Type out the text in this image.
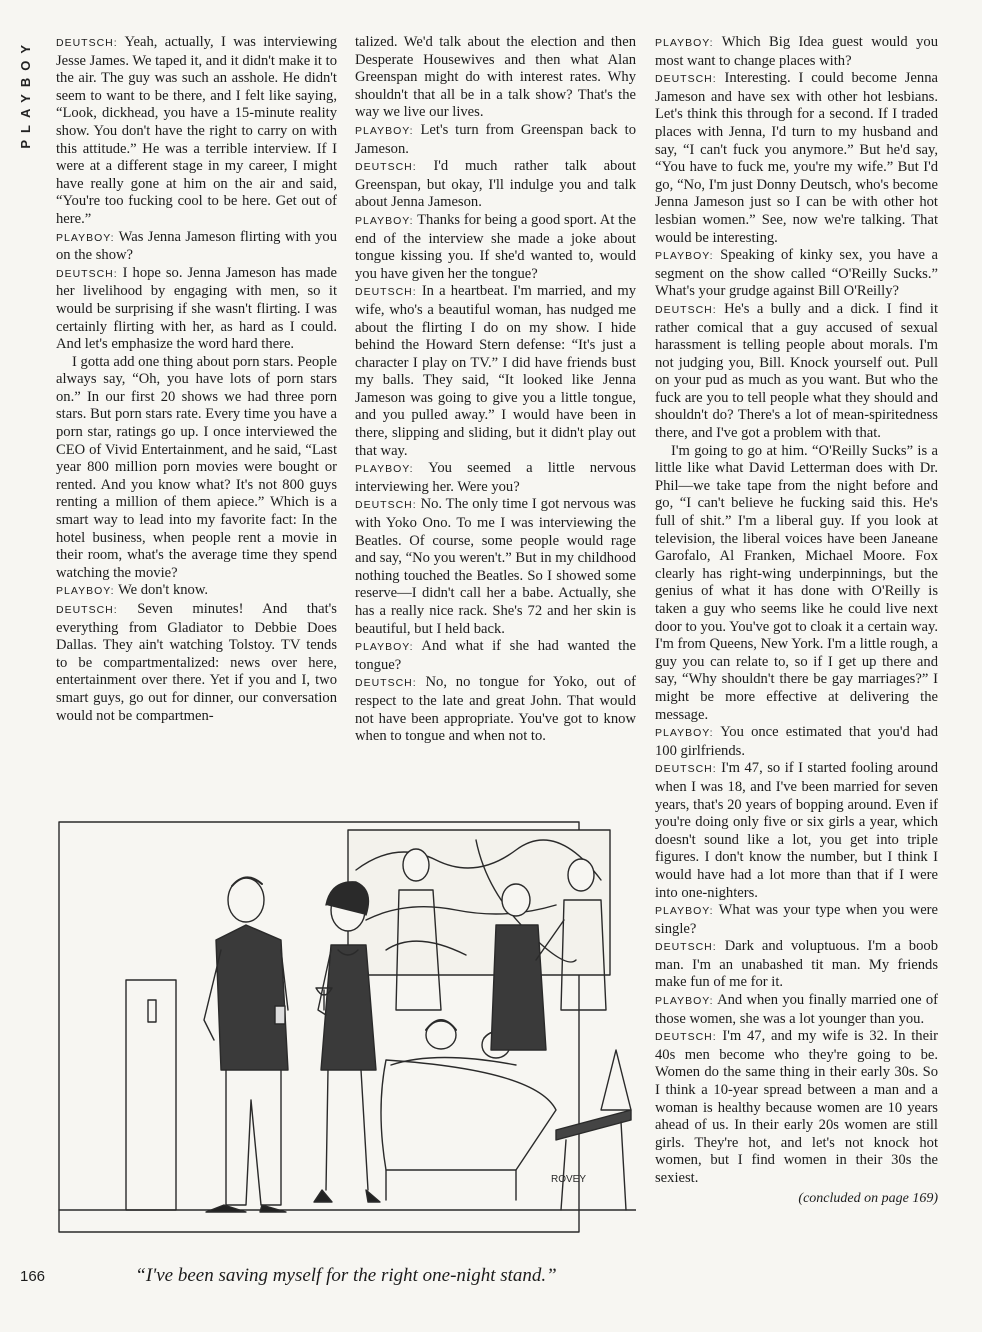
PLAYBOY DEUTSCH: Yeah, actually, I was interviewing Jesse James. We taped it, and it didn't make it to the air. The guy was such an asshole. He didn't seem to want to be there, and I felt like saying, “Look, dickhead, you have a 15-minute reality show. You don't have the right to carry on with this attitude.” He was a terrible interview. If I were at a different stage in my career, I might have really gone at him on the air and said, “You're too fucking cool to be here. Get out of here.”

PLAYBOY: Was Jenna Jameson flirting with you on the show?

DEUTSCH: I hope so. Jenna Jameson has made her livelihood by engaging with men, so it would be surprising if she wasn't flirting. I was certainly flirting with her, as hard as I could. And let's emphasize the word hard there.

I gotta add one thing about porn stars. People always say, “Oh, you have lots of porn stars on.” In our first 20 shows we had three porn stars. But porn stars rate. Every time you have a porn star, ratings go up. I once interviewed the CEO of Vivid Entertainment, and he said, “Last year 800 million porn movies were bought or rented. And you know what? It's not 800 guys renting a million of them apiece.” Which is a smart way to lead into my favorite fact: In the hotel business, when people rent a movie in their room, what's the average time they spend watching the movie?

PLAYBOY: We don't know.

DEUTSCH: Seven minutes! And that's everything from Gladiator to Debbie Does Dallas. They ain't watching Tolstoy. TV tends to be compartmentalized: news over here, entertainment over there. Yet if you and I, two smart guys, go out for dinner, our conversation would not be compartmen-

talized. We'd talk about the election and then Desperate Housewives and then what Alan Greenspan might do with interest rates. Why shouldn't that all be in a talk show? That's the way we live our lives.

PLAYBOY: Let's turn from Greenspan back to Jameson.

DEUTSCH: I'd much rather talk about Greenspan, but okay, I'll indulge you and talk about Jenna Jameson.

PLAYBOY: Thanks for being a good sport. At the end of the interview she made a joke about tongue kissing you. If she'd wanted to, would you have given her the tongue?

DEUTSCH: In a heartbeat. I'm married, and my wife, who's a beautiful woman, has nudged me about the flirting I do on my show. I hide behind the Howard Stern defense: “It's just a character I play on TV.” I did have friends bust my balls. They said, “It looked like Jenna Jameson was going to give you a little tongue, and you pulled away.” I would have been in there, slipping and sliding, but it didn't play out that way.

PLAYBOY: You seemed a little nervous interviewing her. Were you?

DEUTSCH: No. The only time I got nervous was with Yoko Ono. To me I was interviewing the Beatles. Of course, some people would rage and say, “No you weren't.” But in my childhood nothing touched the Beatles. So I showed some reserve—I didn't call her a babe. Actually, she has a really nice rack. She's 72 and her skin is beautiful, but I held back.

PLAYBOY: And what if she had wanted the tongue?

DEUTSCH: No, no tongue for Yoko, out of respect to the late and great John. That would not have been appropriate. You've got to know when to tongue and when not to.

PLAYBOY: Which Big Idea guest would you most want to change places with?

DEUTSCH: Interesting. I could become Jenna Jameson and have sex with other hot lesbians. Let's think this through for a second. If I traded places with Jenna, I'd turn to my husband and say, “I can't fuck you anymore.” But he'd say, “You have to fuck me, you're my wife.” But I'd go, “No, I'm just Donny Deutsch, who's become Jenna Jameson just so I can be with other hot lesbian women.” See, now we're talking. That would be interesting.

PLAYBOY: Speaking of kinky sex, you have a segment on the show called “O'Reilly Sucks.” What's your grudge against Bill O'Reilly?

DEUTSCH: He's a bully and a dick. I find it rather comical that a guy accused of sexual harassment is telling people about morals. I'm not judging you, Bill. Knock yourself out. Pull on your pud as much as you want. But who the fuck are you to tell people what they should and shouldn't do? There's a lot of mean-spiritedness there, and I've got a problem with that.

I'm going to go at him. “O'Reilly Sucks” is a little like what David Letterman does with Dr. Phil—we take tape from the night before and go, “I can't believe he fucking said this. He's full of shit.” I'm a liberal guy. If you look at television, the liberal voices have been Janeane Garofalo, Al Franken, Michael Moore. Fox clearly has right-wing underpinnings, but the genius of what it has done with O'Reilly is taken a guy who seems like he could live next door to you. You've got to cloak it a certain way. I'm from Queens, New York. I'm a little rough, a guy you can relate to, so if I get up there and say, “Why shouldn't there be gay marriages?” I might be more effective at delivering the message.

PLAYBOY: You once estimated that you'd had 100 girlfriends.

DEUTSCH: I'm 47, so if I started fooling around when I was 18, and I've been married for seven years, that's 20 years of bopping around. Even if you're doing only five or six girls a year, which doesn't sound like a lot, you get into triple figures. I don't know the number, but I think I would have had a lot more than that if I were into one-nighters.

PLAYBOY: What was your type when you were single?

DEUTSCH: Dark and voluptuous. I'm a boob man. I'm an unabashed tit man. My friends make fun of me for it.

PLAYBOY: And when you finally married one of those women, she was a lot younger than you.

DEUTSCH: I'm 47, and my wife is 32. In their 40s men become who they're going to be. Women do the same thing in their early 30s. So I think a 10-year spread between a man and a woman is healthy because women are 10 years ahead of us. In their early 20s women are still girls. They're hot, and let's not knock hot women, but I find women in their 30s the sexiest.

(concluded on page 169)

ROVEY
“I've been saving myself for the right one-night stand.”
166
